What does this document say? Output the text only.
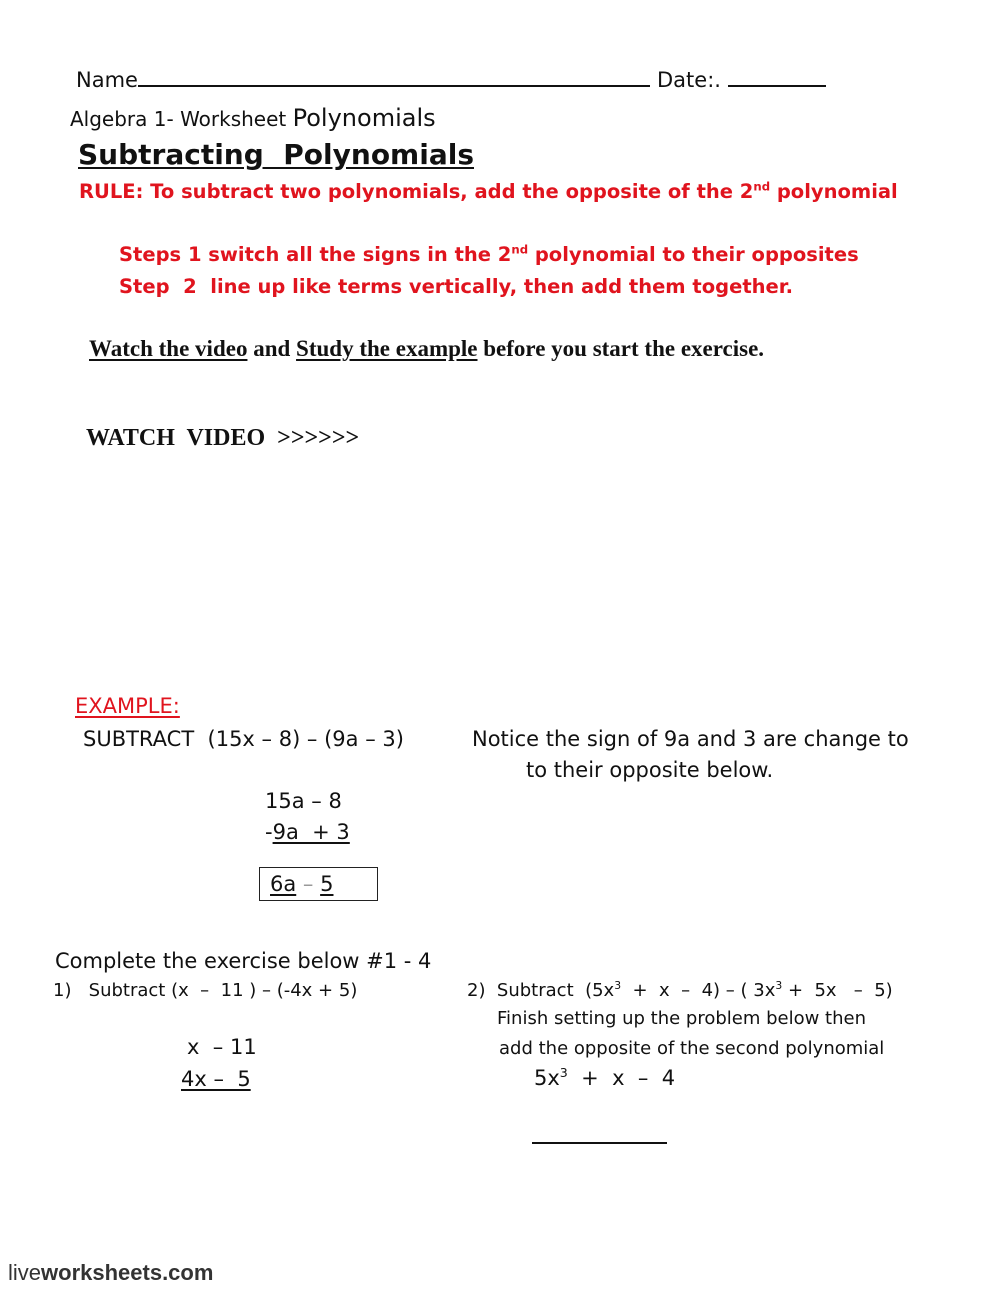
Name	Date:.
Algebra 1- Worksheet Polynomials
Subtracting  Polynomials
RULE: To subtract two polynomials, add the opposite of the 2nd polynomial
Steps 1 switch all the signs in the 2nd polynomial to their opposites
Step  2  line up like terms vertically, then add them together.
Watch the video and Study the example before you start the exercise.
WATCH  VIDEO  >>>>>>
EXAMPLE:
SUBTRACT  (15x – 8) – (9a – 3)	Notice the sign of 9a and 3 are change to
to their opposite below.
15a – 8
-9a  + 3
6a – 5
Complete the exercise below #1 - 4
1)   Subtract (x  –  11 ) – (-4x + 5)
x  – 11
4x –  5
2)  Subtract  $(5x^3 + x - 4)$ – ( $3x^3 + 5x - 5$)
Finish setting up the problem below then
add the opposite of the second polynomial
$5x^3 + x - 4$
liveworksheets.com
